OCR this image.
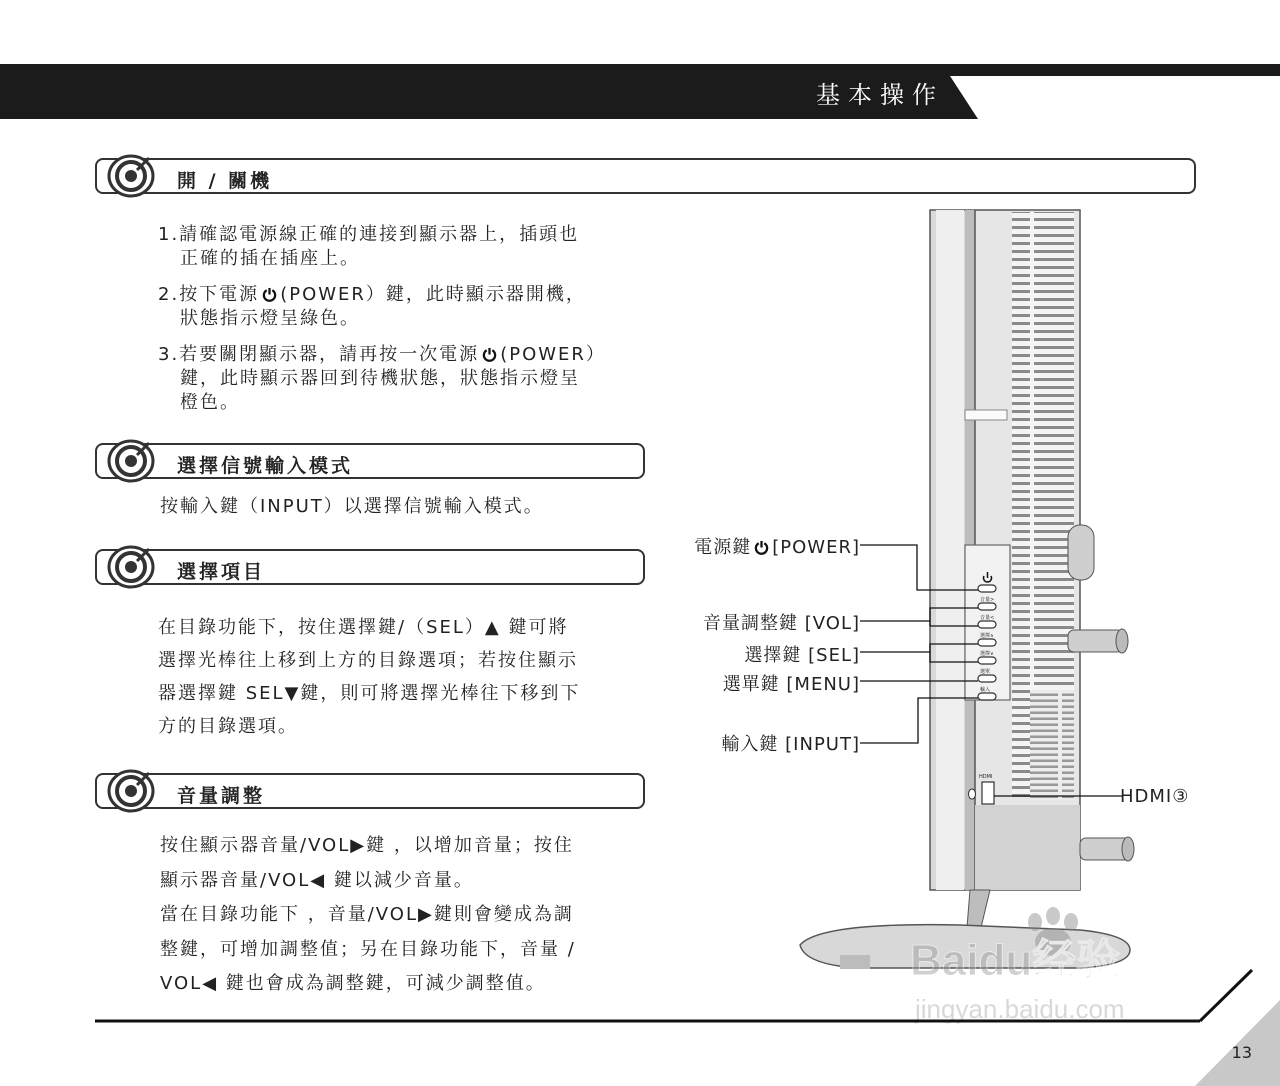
基本操作
開 / 關機
1.請確認電源線正確的連接到顯示器上，插頭也
正確的插在插座上。
2.按下電源 (POWER）鍵，此時顯示器開機，
狀態指示燈呈綠色。
3.若要關閉顯示器，請再按一次電源 (POWER）
鍵，此時顯示器回到待機狀態，狀態指示燈呈
橙色。
選擇信號輸入模式
按輸入鍵（INPUT）以選擇信號輸入模式。
選擇項目
在目錄功能下，按住選擇鍵/（SEL）▲ 鍵可將
選擇光棒往上移到上方的目錄選項；若按住顯示
器選擇鍵 SEL▼鍵，則可將選擇光棒往下移到下
方的目錄選項。
音量調整
按住顯示器音量/VOL▶鍵 ，以增加音量；按住
顯示器音量/VOL◀ 鍵以減少音量。
當在目錄功能下 ，音量/VOL▶鍵則會變成為調
整鍵，可增加調整值；另在目錄功能下，音量 /
VOL◀ 鍵也會成為調整鍵，可減少調整值。
音量>
音量<
選擇∧
選擇∨
選單
輸入
HDMI
電源鍵 [POWER]
音量調整鍵 [VOL]
選擇鍵 [SEL]
選單鍵 [MENU]
輸入鍵 [INPUT]
HDMI③
Baidu经验
jingyan.baidu.com
13
